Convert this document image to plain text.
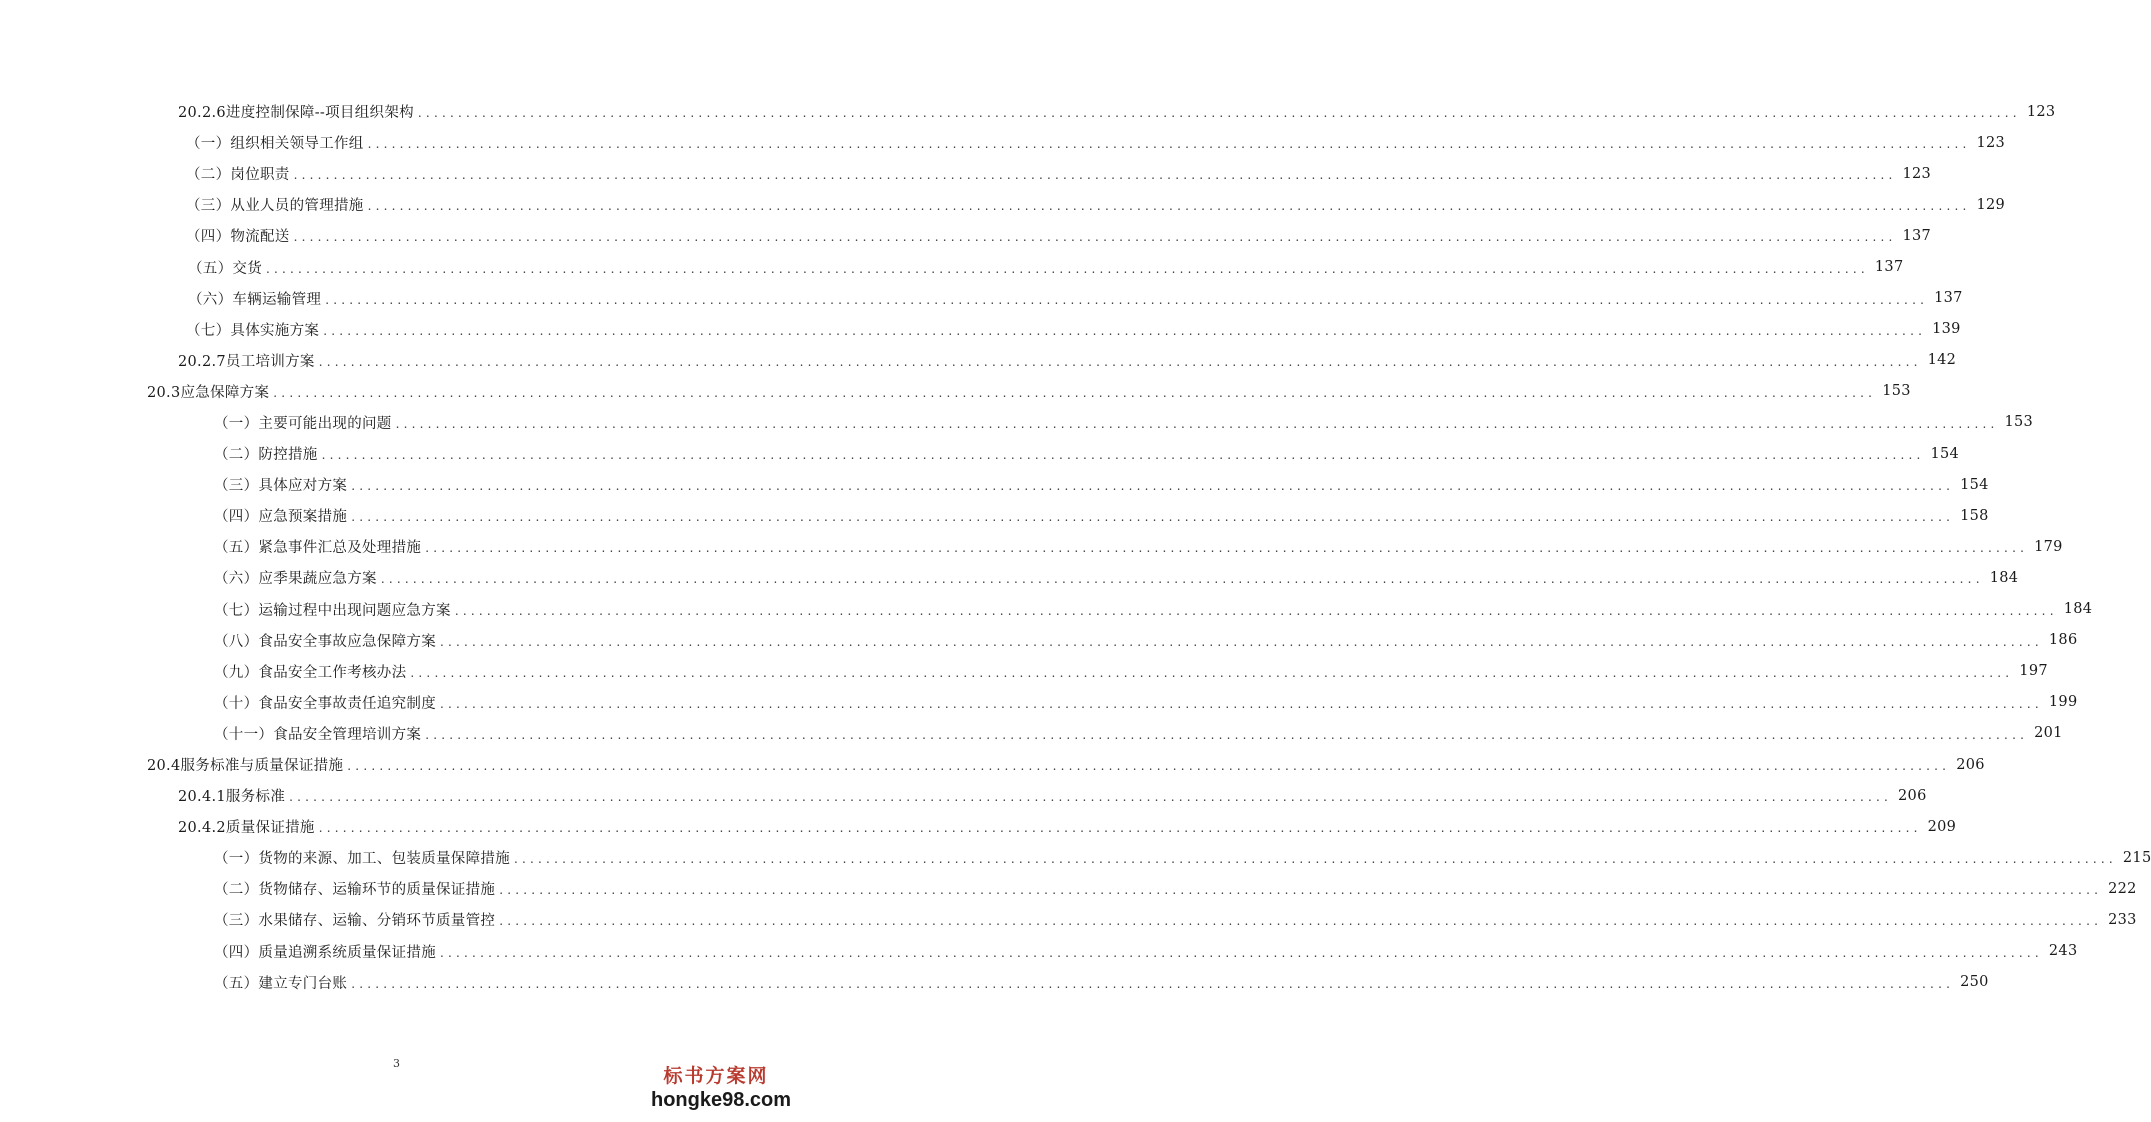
20.2.6进度控制保障--项目组织架构 ........................................................................................................................................................................................................ 123
（一）组织相关领导工作组 ........................................................................................................................................................................................................ 123
（二）岗位职责 ........................................................................................................................................................................................................ 123
（三）从业人员的管理措施 ........................................................................................................................................................................................................ 129
（四）物流配送 ........................................................................................................................................................................................................ 137
（五）交货 ........................................................................................................................................................................................................ 137
（六）车辆运输管理 ........................................................................................................................................................................................................ 137
（七）具体实施方案 ........................................................................................................................................................................................................ 139
20.2.7员工培训方案 ........................................................................................................................................................................................................ 142
20.3应急保障方案 ........................................................................................................................................................................................................ 153
（一）主要可能出现的问题 ........................................................................................................................................................................................................ 153
（二）防控措施 ........................................................................................................................................................................................................ 154
（三）具体应对方案 ........................................................................................................................................................................................................ 154
（四）应急预案措施 ........................................................................................................................................................................................................ 158
（五）紧急事件汇总及处理措施 ........................................................................................................................................................................................................ 179
（六）应季果蔬应急方案 ........................................................................................................................................................................................................ 184
（七）运输过程中出现问题应急方案 ........................................................................................................................................................................................................ 184
（八）食品安全事故应急保障方案 ........................................................................................................................................................................................................ 186
（九）食品安全工作考核办法 ........................................................................................................................................................................................................ 197
（十）食品安全事故责任追究制度 ........................................................................................................................................................................................................ 199
（十一）食品安全管理培训方案 ........................................................................................................................................................................................................ 201
20.4服务标准与质量保证措施 ........................................................................................................................................................................................................ 206
20.4.1服务标准 ........................................................................................................................................................................................................ 206
20.4.2质量保证措施 ........................................................................................................................................................................................................ 209
（一）货物的来源、加工、包装质量保障措施 ........................................................................................................................................................................................................ 215
（二）货物储存、运输环节的质量保证措施 ........................................................................................................................................................................................................ 222
（三）水果储存、运输、分销环节质量管控 ........................................................................................................................................................................................................ 233
（四）质量追溯系统质量保证措施 ........................................................................................................................................................................................................ 243
（五）建立专门台账 ........................................................................................................................................................................................................ 250
3
标书方案网
hongke98.com
